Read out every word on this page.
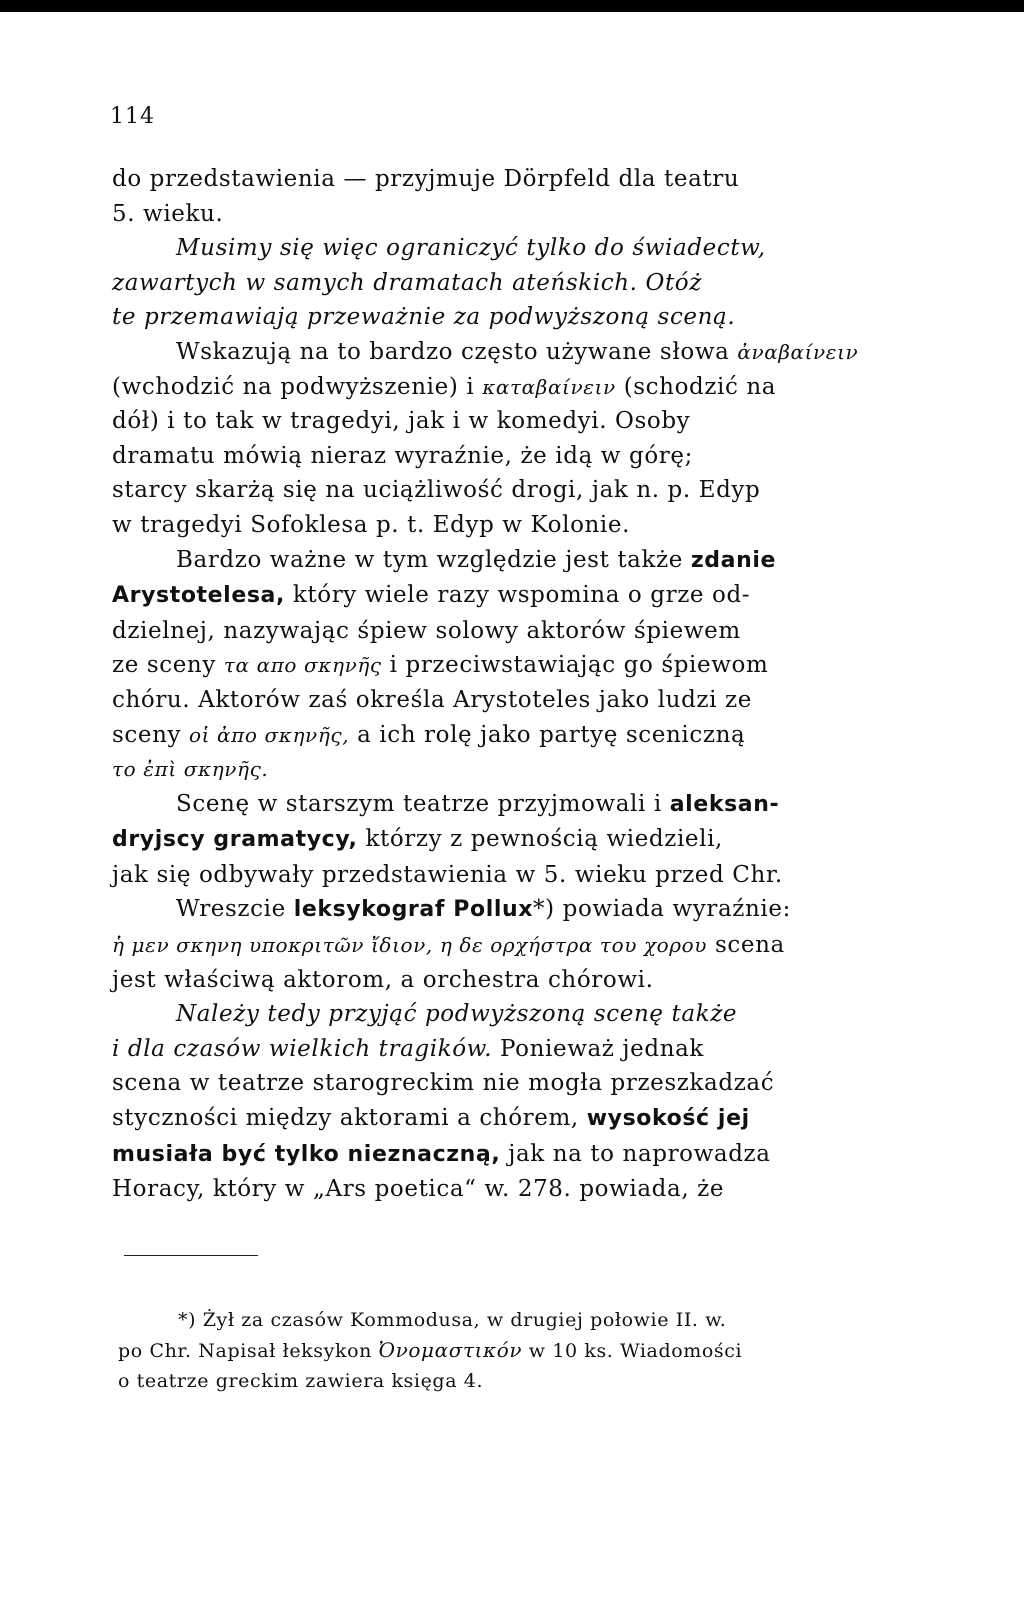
114
do przedstawienia — przyjmuje Dörpfeld dla teatru
5. wieku.
Musimy się więc ograniczyć tylko do świadectw,
zawartych w samych dramatach ateńskich. Otóż
te przemawiają przeważnie za podwyższoną sceną.
Wskazują na to bardzo często używane słowa ἀναβαίνειν
(wchodzić na podwyższenie) i καταβαίνειν (schodzić na
dół) i to tak w tragedyi, jak i w komedyi. Osoby
dramatu mówią nieraz wyraźnie, że idą w górę;
starcy skarżą się na uciążliwość drogi, jak n. p. Edyp
w tragedyi Sofoklesa p. t. Edyp w Kolonie.
Bardzo ważne w tym względzie jest także zdanie
Arystotelesa, który wiele razy wspomina o grze od-
dzielnej, nazywając śpiew solowy aktorów śpiewem
ze sceny τα απο σκηνῆς i przeciwstawiając go śpiewom
chóru. Aktorów zaś określa Arystoteles jako ludzi ze
sceny οἱ ἀπο σκηνῆς, a ich rolę jako partyę sceniczną
το ἐπὶ σκηνῆς.
Scenę w starszym teatrze przyjmowali i aleksan-
dryjscy gramatycy, którzy z pewnością wiedzieli,
jak się odbywały przedstawienia w 5. wieku przed Chr.
Wreszcie leksykograf Pollux*) powiada wyraźnie:
ἡ μεν σκηνη υποκριτῶν ἴδιον, η δε ορχήστρα του χορου scena
jest właściwą aktorom, a orchestra chórowi.
Należy tedy przyjąć podwyższoną scenę także
i dla czasów wielkich tragików. Ponieważ jednak
scena w teatrze starogreckim nie mogła przeszkadzać
styczności między aktorami a chórem, wysokość jej
musiała być tylko nieznaczną, jak na to naprowadza
Horacy, który w „Ars poetica“ w. 278. powiada, że
*) Żył za czasów Kommodusa, w drugiej połowie II. w.
po Chr. Napisał łeksykon Ὀνομαστικόν w 10 ks. Wiadomości
o teatrze greckim zawiera księga 4.
